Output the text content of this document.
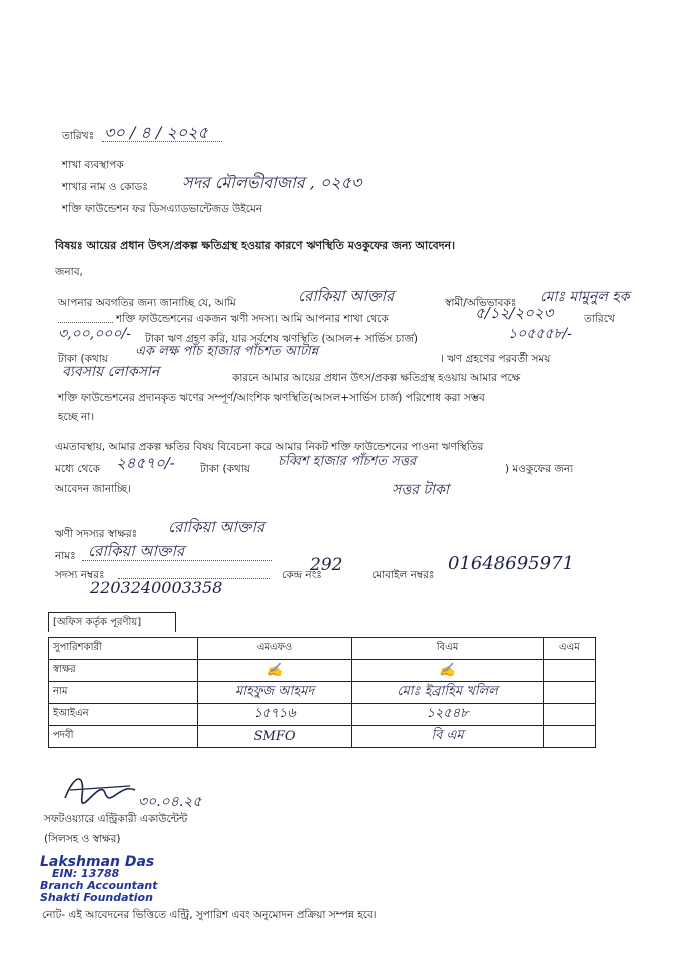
তারিখঃ ৩০ / ৪ / ২০২৫
শাখা ব্যবস্থাপক
শাখার নাম ও কোডঃ সদর মৌলভীবাজার , ০২৫৩
শক্তি ফাউন্ডেশন ফর ডিসএ্যাডভান্টেজড উইমেন
বিষয়ঃ আয়ের প্রধান উৎস/প্রকল্প ক্ষতিগ্রস্থ হওয়ার কারণে ঋণস্থিতি মওকুফের জন্য আবেদন।
জনাব,
আপনার অবগতির জন্য জানাচ্ছি যে, আমি	রোকিয়া আক্তার	স্বামী/অভিভাবকঃ মোঃ মামুনুল হক
শক্তি ফাউন্ডেশনের একজন ঋণী সদস্য। আমি আপনার শাখা থেকে	৫/১২/২০২৩	তারিখে
৩,০০,০০০/- টাকা ঋণ গ্রহণ করি, যার সর্বশেষ ঋণস্থিতি (আসল+ সার্ভিস চার্জ)	১০৫৫৫৮/-
টাকা (কথায় এক লক্ষ পাঁচ হাজার পাঁচশত আটান্ন	। ঋণ গ্রহণের পরবর্তী সময়
ব্যবসায় লোকসান	কারনে আমার আয়ের প্রধান উৎস/প্রকল্প ক্ষতিগ্রস্থ হওয়ায় আমার পক্ষে
শক্তি ফাউন্ডেশনের প্রদানকৃত ঋণের সম্পূর্ণ/আংশিক ঋণস্থিতি(আসল+সার্ভিস চার্জ) পরিশোধ করা সম্ভব
হচ্ছে না।
এমতাবস্থায়, আমার প্রকল্প ক্ষতির বিষয় বিবেচনা করে আমার নিকট শক্তি ফাউন্ডেশনের পাওনা ঋণস্থিতির
মধ্যে থেকে ২৪৫৭০/- টাকা (কথায় চব্বিশ হাজার পাঁচশত সত্তর	) মওকুফের জন্য
আবেদন জানাচ্ছি।	সত্তর টাকা
ঋণী সদস্যর স্বাক্ষরঃ রোকিয়া আক্তার
নামঃ রোকিয়া আক্তার
সদস্য নম্বরঃ
2203240003358
কেন্দ্র নংঃ
292	মোবাইল নম্বরঃ
01648695971
[অফিস কর্তৃক পূরণীয়]
সুপারিশকারী	এমএফও	বিএম	এএম
স্বাক্ষর	✍	✍	
নাম	মাহফুজ আহমদ	মোঃ ইব্রাহিম খলিল	
ইআইএন	১৫৭১৬	১২৫৪৮	
পদবী	SMFO	বি এম	
৩০.০৪.২৫
সফটওয়্যারে এন্ট্রিকারী একাউন্টেন্ট
(সিলসহ ও স্বাক্ষর)
Lakshman Das
EIN: 13788
Branch Accountant
Shakti Foundation
নোট- এই আবেদনের ভিত্তিতে এন্ট্রি, সুপারিশ এবং অনুমোদন প্রক্রিয়া সম্পন্ন হবে।
